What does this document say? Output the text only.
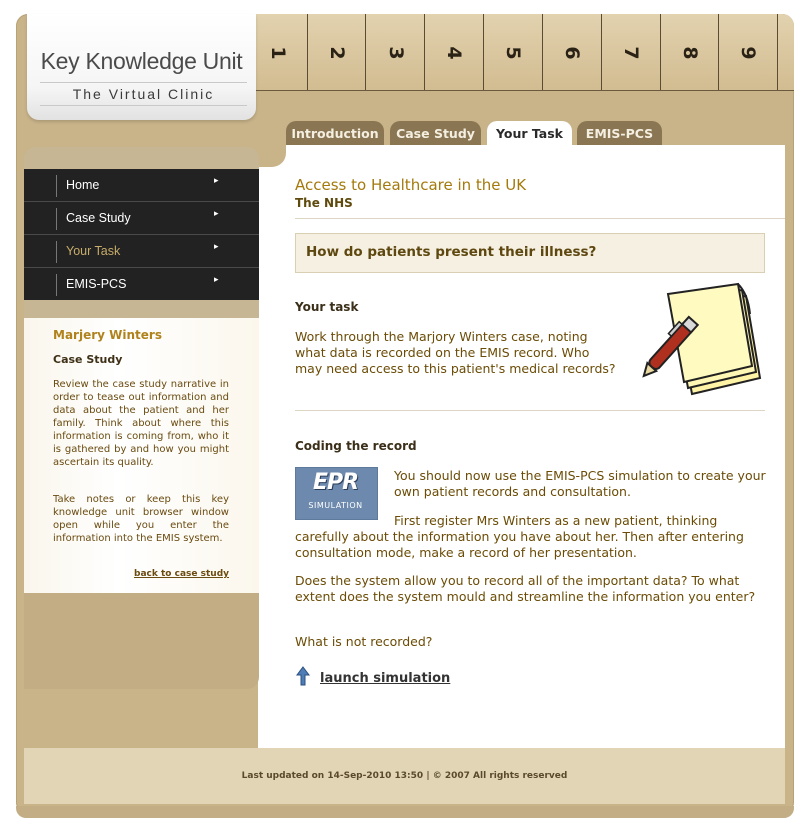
1 2 3 4 5 6 7 8 9
Key Knowledge Unit
The Virtual Clinic
Introduction	Case Study	Your Task	EMIS-PCS
Last updated on 14-Sep-2010 13:50 | © 2007 All rights reserved
Home	▸
Case Study	▸
Your Task	▸
EMIS-PCS	▸
Marjery Winters
Case Study
Review the case study narrative in order to tease out information and data about the patient and her family. Think about where this information is coming from, who it is gathered by and how you might ascertain its quality.
Take notes or keep this key knowledge unit browser window open while you enter the information into the EMIS system.
back to case study
Access to Healthcare in the UK
The NHS
How do patients present their illness?
Your task
Work through the Marjory Winters case, noting what data is recorded on the EMIS record. Who may need access to this patient's medical records?
Coding the record
EPR
SIMULATION
You should now use the EMIS-PCS simulation to create your own patient records and consultation.
First register Mrs Winters as a new patient, thinking carefully about the information you have about her. Then after entering consultation mode, make a record of her presentation.
Does the system allow you to record all of the important data? To what extent does the system mould and streamline the information you enter?
What is not recorded?
launch simulation
